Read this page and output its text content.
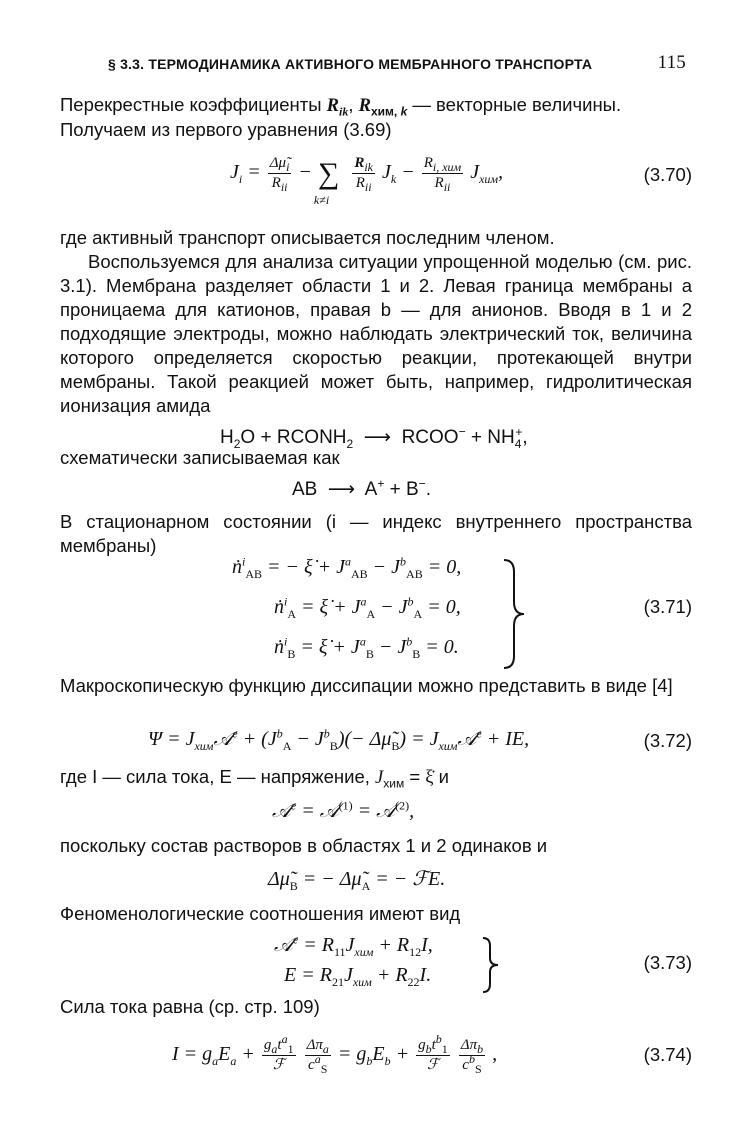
§ 3.3. ТЕРМОДИНАМИКА АКТИВНОГО МЕМБРАННОГО ТРАНСПОРТА	115
Перекрестные коэффициенты $R_{ik}$, $R_{хим, k}$ — векторные величины.
Получаем из первого уравнения (3.69)
$J_i = \frac{\Delta\mũ_i}{R_{ii}}$ − ∑
k≠i

$\frac{R_{ik}}{R_{ii}} J_k - \frac{R_{i, хим}}{R_{ii}} J_{хим}$,	(3.70)
где активный транспорт описывается последним членом.
Воспользуемся для анализа ситуации упрощенной моделью (см. рис. 3.1). Мембрана разделяет области 1 и 2. Левая граница мембраны a проницаема для катионов, правая b — для анионов. Вводя в 1 и 2 подходящие электроды, можно наблюдать электрический ток, величина которого определяется скоростью реакции, протекающей внутри мембраны. Такой реакцией может быть, например, гидролитическая ионизация амида
$H_2O$ + $RCONH_2$  ⟶  RCOO− + $NH_4^+$,
схематически записываемая как
AB  ⟶  A+ + B−.
В стационарном состоянии (i — индекс внутреннего пространства мембраны)
ṅ$^i_{AB}$ = − ξ̇ + $J^a_{AB} - J^b_{AB} = 0$,
ṅ$^i_A$ = ξ̇ + $J^a_A - J^b_A = 0$,
ṅ$^i_B$ = ξ̇ + $J^a_B - J^b_B = 0$.
(3.71)
Макроскопическую функцию диссипации можно представить в виде [4]
$\Psi = J_{хим}𝒜^e + (J^b_A - J^b_B)(-$ $\Delta\mũ_B$) = $J_{хим}𝒜^e$ + IE,	(3.72)
где I — сила тока, E — напряжение, $J_{хим}$ = ξ̇ и
𝒜$^e$ = 𝒜$^{(1)}$ = 𝒜$^{(2)}$,
поскольку состав растворов в областях 1 и 2 одинаков и
$\Delta\mũ_B$ = − $\Delta\mũ_A$ = − ℱE.
Феноменологические соотношения имеют вид
𝒜$^e$ = $R_{11}J_{хим} + R_{12}I$,
$E = R_{21}J_{хим} + R_{22}I$.
(3.73)
Сила тока равна (ср. стр. 109)
$I = g_aE_a + \frac{g_at^a_1}{\text{ℱ}}$
$\frac{\Delta\pi_a}{c^a_S} = g_bE_b + \frac{g_bt^b_1}{\text{ℱ}}$
$\frac{\Delta\pi_b}{c^b_S}$ ,	(3.74)
